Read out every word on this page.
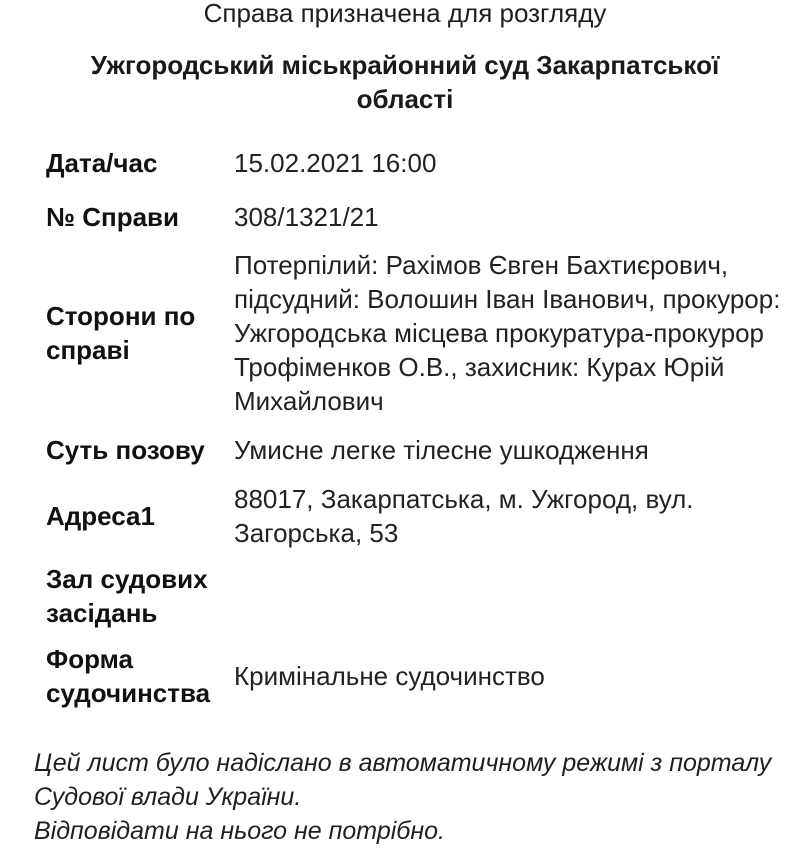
Справа призначена для розгляду

Ужгородський міськрайонний суд Закарпатської області
Дата/час	15.02.2021 16:00
№ Справи	308/1321/21
Сторони по справі	Потерпілий: Рахімов Євген Бахтиєрович, підсудний: Волошин Іван Іванович, прокурор: Ужгородська місцева прокуратура-прокурор Трофіменков О.В., захисник: Курах Юрій Михайлович
Суть позову	Умисне легке тілесне ушкодження
Адреса1	88017, Закарпатська, м. Ужгород, вул. Загорська, 53
Зал судових засідань	
Форма судочинства	Кримінальне судочинство

Цей лист було надіслано в автоматичному режимі з порталу Судової влади України.
Відповідати на нього не потрібно.
